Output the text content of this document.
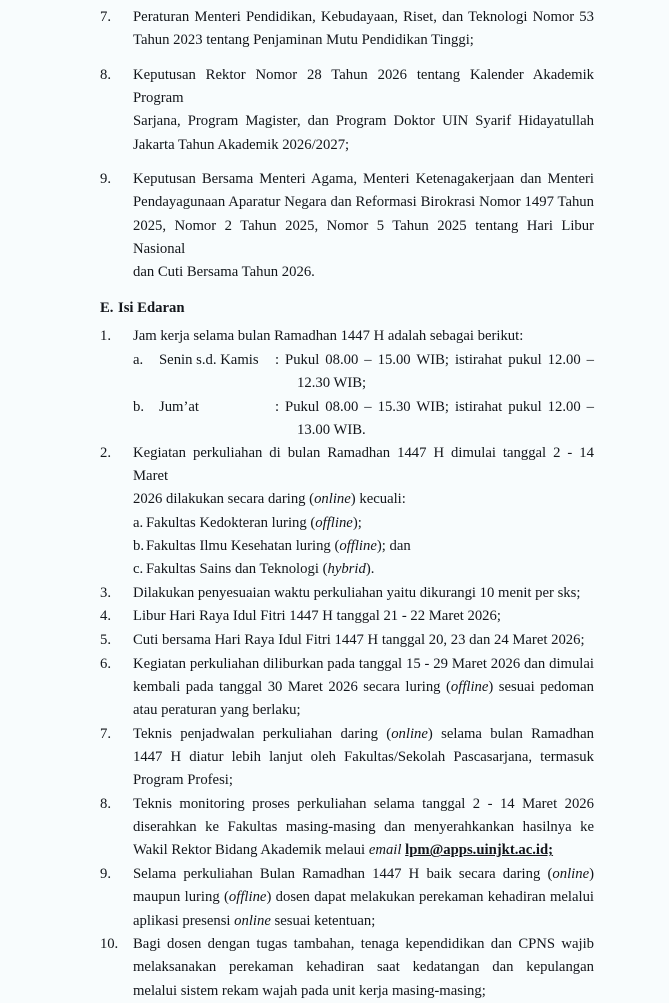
7.	Peraturan Menteri Pendidikan, Kebudayaan, Riset, dan Teknologi Nomor 53
Tahun 2023 tentang Penjaminan Mutu Pendidikan Tinggi;
8.	Keputusan Rektor Nomor 28 Tahun 2026 tentang Kalender Akademik Program
Sarjana, Program Magister, dan Program Doktor UIN Syarif Hidayatullah
Jakarta Tahun Akademik 2026/2027;
9.	Keputusan Bersama Menteri Agama, Menteri Ketenagakerjaan dan Menteri
Pendayagunaan Aparatur Negara dan Reformasi Birokrasi Nomor 1497 Tahun
2025, Nomor 2 Tahun 2025, Nomor 5 Tahun 2025 tentang Hari Libur Nasional
dan Cuti Bersama Tahun 2026.
E. Isi Edaran
1.	Jam kerja selama bulan Ramadhan 1447 H adalah sebagai berikut:
a.	Senin s.d. Kamis : Pukul 08.00 – 15.00 WIB; istirahat pukul 12.00 –
12.30 WIB;
b.	Jum’at	: Pukul 08.00 – 15.30 WIB; istirahat pukul 12.00 –
13.00 WIB.
2.	Kegiatan perkuliahan di bulan Ramadhan 1447 H dimulai tanggal 2 - 14 Maret
2026 dilakukan secara daring (online) kecuali:
a. Fakultas Kedokteran luring (offline);
b. Fakultas Ilmu Kesehatan luring (offline); dan
c. Fakultas Sains dan Teknologi (hybrid).
3.	Dilakukan penyesuaian waktu perkuliahan yaitu dikurangi 10 menit per sks;
4.	Libur Hari Raya Idul Fitri 1447 H tanggal 21 - 22 Maret 2026;
5.	Cuti bersama Hari Raya Idul Fitri 1447 H tanggal 20, 23 dan 24 Maret 2026;
6.	Kegiatan perkuliahan diliburkan pada tanggal 15 - 29 Maret 2026 dan dimulai
kembali pada tanggal 30 Maret 2026 secara luring (offline) sesuai pedoman
atau peraturan yang berlaku;
7.	Teknis penjadwalan perkuliahan daring (online) selama bulan Ramadhan
1447 H diatur lebih lanjut oleh Fakultas/Sekolah Pascasarjana, termasuk
Program Profesi;
8.	Teknis monitoring proses perkuliahan selama tanggal 2 - 14 Maret 2026
diserahkan ke Fakultas masing-masing dan menyerahkankan hasilnya ke
Wakil Rektor Bidang Akademik melaui email lpm@apps.uinjkt.ac.id;
9.	Selama perkuliahan Bulan Ramadhan 1447 H baik secara daring (online)
maupun luring (offline) dosen dapat melakukan perekaman kehadiran melalui
aplikasi presensi online sesuai ketentuan;
10.	Bagi dosen dengan tugas tambahan, tenaga kependidikan dan CPNS wajib
melaksanakan perekaman kehadiran saat kedatangan dan kepulangan
melalui sistem rekam wajah pada unit kerja masing-masing;
